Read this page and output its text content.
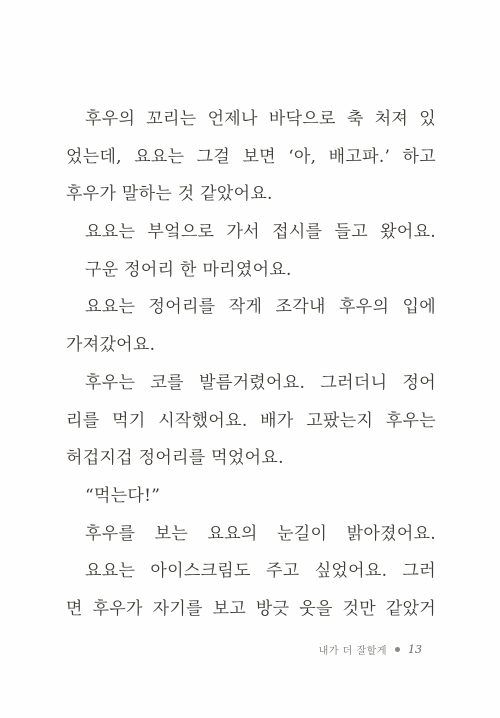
후우의 꼬리는 언제나 바닥으로 축 처져 있
었는데, 요요는 그걸 보면 ‘아, 배고파.’ 하고
후우가 말하는 것 같았어요.
요요는 부엌으로 가서 접시를 들고 왔어요.
구운 정어리 한 마리였어요.
요요는 정어리를 작게 조각내 후우의 입에
가져갔어요.
후우는 코를 발름거렸어요. 그러더니 정어
리를 먹기 시작했어요. 배가 고팠는지 후우는
허겁지겁 정어리를 먹었어요.
“먹는다!”
후우를 보는 요요의 눈길이 밝아졌어요.
요요는 아이스크림도 주고 싶었어요. 그러
면 후우가 자기를 보고 방긋 웃을 것만 같았거
내가 더 잘할게 13
